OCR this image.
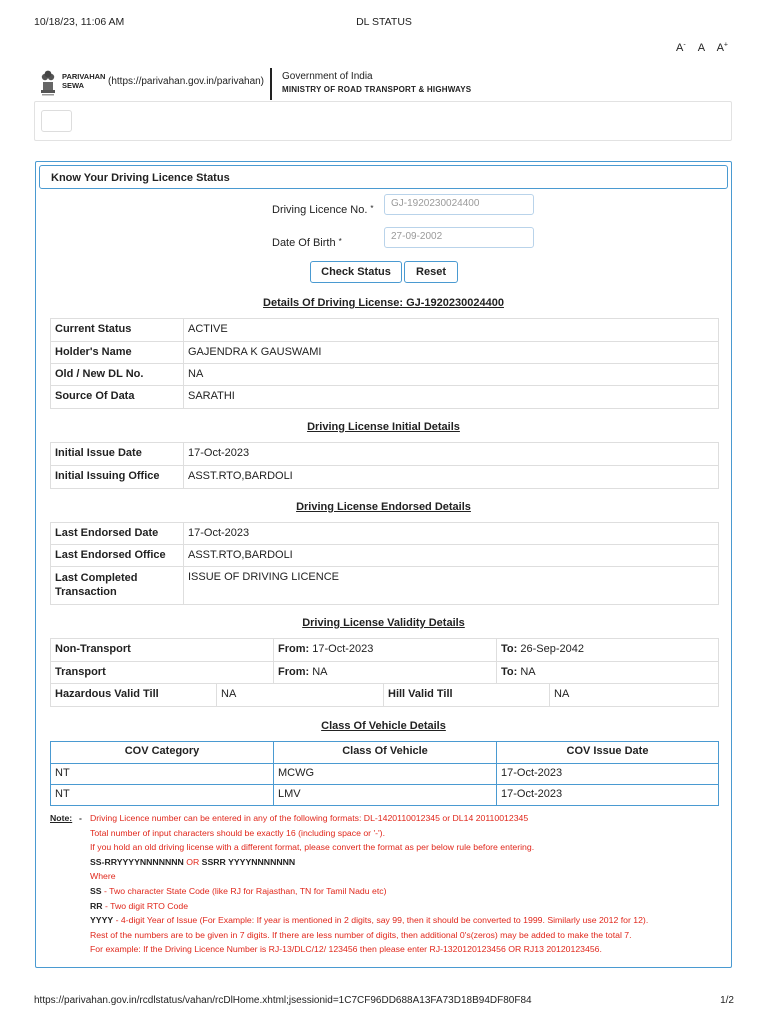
10/18/23, 11:06 AM	DL STATUS
A- A A+
PARIVAHAN
SEWA	(https://parivahan.gov.in/parivahan) Government of India
MINISTRY OF ROAD TRANSPORT & HIGHWAYS
Know Your Driving Licence Status
Driving Licence No. *	GJ-1920230024400
Date Of Birth *	27-09-2002
Check Status	Reset
Details Of Driving License: GJ-1920230024400
Current Status	ACTIVE
Holder's Name	GAJENDRA K GAUSWAMI
Old / New DL No.	NA
Source Of Data	SARATHI
Driving License Initial Details
Initial Issue Date	17-Oct-2023
Initial Issuing Office	ASST.RTO,BARDOLI
Driving License Endorsed Details
Last Endorsed Date	17-Oct-2023
Last Endorsed Office	ASST.RTO,BARDOLI
Last Completed Transaction	ISSUE OF DRIVING LICENCE
Driving License Validity Details
Non-Transport	From: 17-Oct-2023	To: 26-Sep-2042
Transport	From: NA	To: NA
Hazardous Valid Till	NA	Hill Valid Till	NA
Class Of Vehicle Details
COV Category	Class Of Vehicle	COV Issue Date
NT	MCWG	17-Oct-2023
NT	LMV	17-Oct-2023
Note: - Driving Licence number can be entered in any of the following formats: DL-1420110012345 or DL14 20110012345
Total number of input characters should be exactly 16 (including space or '-').
If you hold an old driving license with a different format, please convert the format as per below rule before entering.
SS-RRYYYYNNNNNNN OR SSRR YYYYNNNNNNN
Where
SS - Two character State Code (like RJ for Rajasthan, TN for Tamil Nadu etc)
RR - Two digit RTO Code
YYYY - 4-digit Year of Issue (For Example: If year is mentioned in 2 digits, say 99, then it should be converted to 1999. Similarly use 2012 for 12).
Rest of the numbers are to be given in 7 digits. If there are less number of digits, then additional 0's(zeros) may be added to make the total 7.
For example: If the Driving Licence Number is RJ-13/DLC/12/ 123456 then please enter RJ-1320120123456 OR RJ13 20120123456.
https://parivahan.gov.in/rcdlstatus/vahan/rcDlHome.xhtml;jsessionid=1C7CF96DD688A13FA73D18B94DF80F84	1/2
